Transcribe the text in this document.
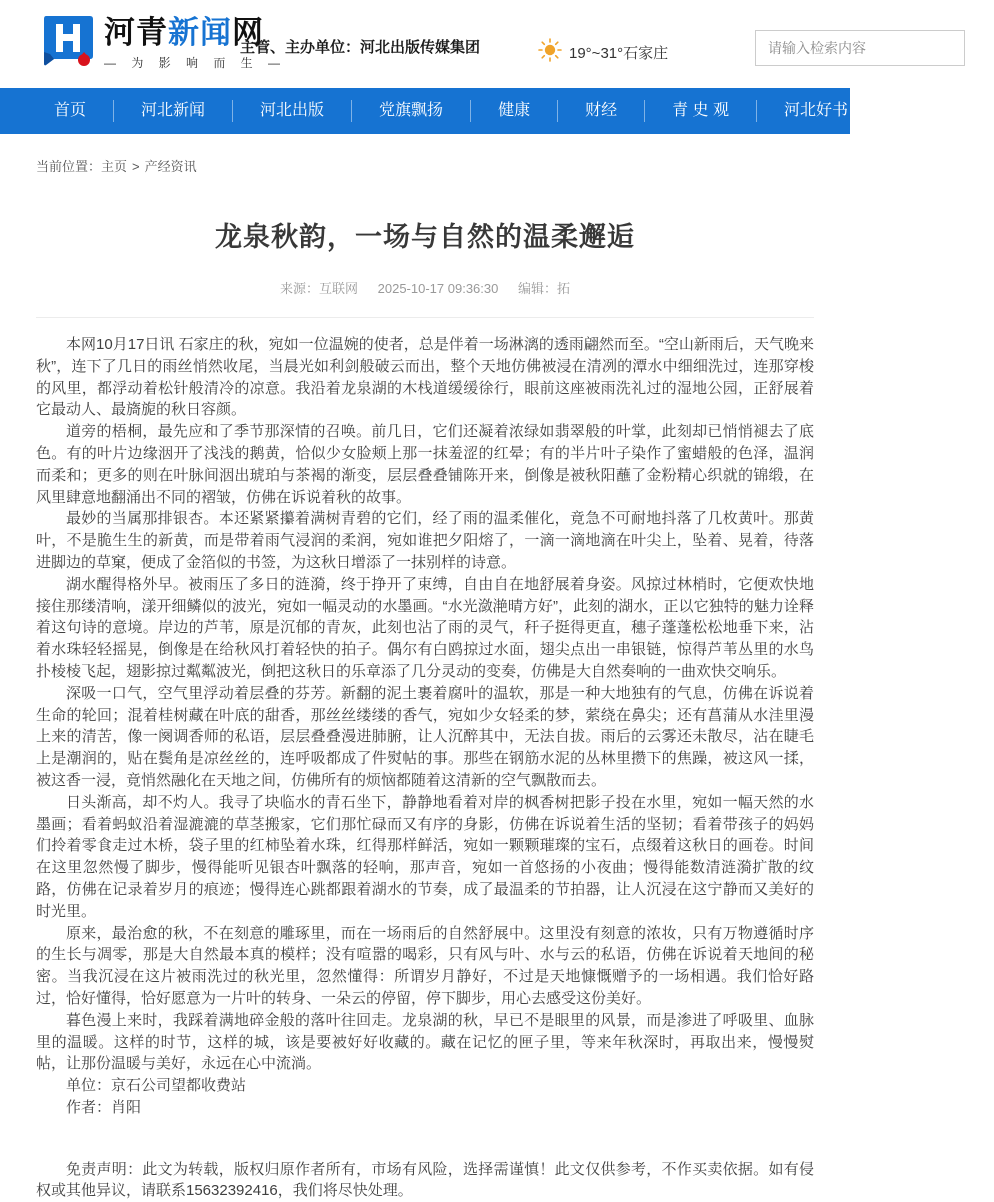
河青新闻网
— 为 影 响 而 生 —
主管、主办单位：河北出版传媒集团	19°~31°石家庄
请输入检索内容
首页	河北新闻	河北出版	党旗飘扬	健康	财经	青 史 观	河北好书	全民辟谣
当前位置：主页 > 产经资讯
龙泉秋韵，一场与自然的温柔邂逅
来源：互联网 2025-10-17 09:36:30 编辑：拓

本网10月17日讯 石家庄的秋，宛如一位温婉的使者，总是伴着一场淋漓的透雨翩然而至。“空山新雨后，天气晚来秋”，连下了几日的雨丝悄然收尾，当晨光如利剑般破云而出，整个天地仿佛被浸在清冽的潭水中细细洗过，连那穿梭的风里，都浮动着松针般清冷的凉意。我沿着龙泉湖的木栈道缓缓徐行，眼前这座被雨洗礼过的湿地公园，正舒展着它最动人、最旖旎的秋日容颜。

道旁的梧桐，最先应和了季节那深情的召唤。前几日，它们还凝着浓绿如翡翠般的叶掌，此刻却已悄悄褪去了底色。有的叶片边缘洇开了浅浅的鹅黄，恰似少女脸颊上那一抹羞涩的红晕；有的半片叶子染作了蜜蜡般的色泽，温润而柔和；更多的则在叶脉间洇出琥珀与茶褐的渐变，层层叠叠铺陈开来，倒像是被秋阳蘸了金粉精心织就的锦缎，在风里肆意地翻涌出不同的褶皱，仿佛在诉说着秋的故事。

最妙的当属那排银杏。本还紧紧攥着满树青碧的它们，经了雨的温柔催化，竟急不可耐地抖落了几枚黄叶。那黄叶，不是脆生生的新黄，而是带着雨气浸润的柔润，宛如谁把夕阳熔了，一滴一滴地滴在叶尖上，坠着、晃着，待落进脚边的草窠，便成了金箔似的书签，为这秋日增添了一抹别样的诗意。

湖水醒得格外早。被雨压了多日的涟漪，终于挣开了束缚，自由自在地舒展着身姿。风掠过林梢时，它便欢快地接住那缕清响，漾开细鳞似的波光，宛如一幅灵动的水墨画。“水光潋滟晴方好”，此刻的湖水，正以它独特的魅力诠释着这句诗的意境。岸边的芦苇，原是沉郁的青灰，此刻也沾了雨的灵气，秆子挺得更直，穗子蓬蓬松松地垂下来，沾着水珠轻轻摇晃，倒像是在给秋风打着轻快的拍子。偶尔有白鸥掠过水面，翅尖点出一串银链，惊得芦苇丛里的水鸟扑棱棱飞起，翅影掠过粼粼波光，倒把这秋日的乐章添了几分灵动的变奏，仿佛是大自然奏响的一曲欢快交响乐。

深吸一口气，空气里浮动着层叠的芬芳。新翻的泥土裹着腐叶的温软，那是一种大地独有的气息，仿佛在诉说着生命的轮回；混着桂树藏在叶底的甜香，那丝丝缕缕的香气，宛如少女轻柔的梦，萦绕在鼻尖；还有菖蒲从水洼里漫上来的清苦，像一阕调香师的私语，层层叠叠漫进肺腑，让人沉醉其中，无法自拔。雨后的云雾还未散尽，沾在睫毛上是潮润的，贴在鬓角是凉丝丝的，连呼吸都成了件熨帖的事。那些在钢筋水泥的丛林里攒下的焦躁，被这风一揉，被这香一浸，竟悄然融化在天地之间，仿佛所有的烦恼都随着这清新的空气飘散而去。

日头渐高，却不灼人。我寻了块临水的青石坐下，静静地看着对岸的枫香树把影子投在水里，宛如一幅天然的水墨画；看着蚂蚁沿着湿漉漉的草茎搬家，它们那忙碌而又有序的身影，仿佛在诉说着生活的坚韧；看着带孩子的妈妈们拎着零食走过木桥，袋子里的红柿坠着水珠，红得那样鲜活，宛如一颗颗璀璨的宝石，点缀着这秋日的画卷。时间在这里忽然慢了脚步，慢得能听见银杏叶飘落的轻响，那声音，宛如一首悠扬的小夜曲；慢得能数清涟漪扩散的纹路，仿佛在记录着岁月的痕迹；慢得连心跳都跟着湖水的节奏，成了最温柔的节拍器，让人沉浸在这宁静而又美好的时光里。

原来，最治愈的秋，不在刻意的雕琢里，而在一场雨后的自然舒展中。这里没有刻意的浓妆，只有万物遵循时序的生长与凋零，那是大自然最本真的模样；没有喧嚣的喝彩，只有风与叶、水与云的私语，仿佛在诉说着天地间的秘密。当我沉浸在这片被雨洗过的秋光里，忽然懂得：所谓岁月静好，不过是天地慷慨赠予的一场相遇。我们恰好路过，恰好懂得，恰好愿意为一片叶的转身、一朵云的停留，停下脚步，用心去感受这份美好。

暮色漫上来时，我踩着满地碎金般的落叶往回走。龙泉湖的秋，早已不是眼里的风景，而是渗进了呼吸里、血脉里的温暖。这样的时节，这样的城，该是要被好好收藏的。藏在记忆的匣子里，等来年秋深时，再取出来，慢慢熨帖，让那份温暖与美好，永远在心中流淌。

单位：京石公司望都收费站

作者：肖阳

免责声明：此文为转载，版权归原作者所有，市场有风险，选择需谨慎！此文仅供参考，不作买卖依据。如有侵权或其他异议，请联系15632392416，我们将尽快处理。
